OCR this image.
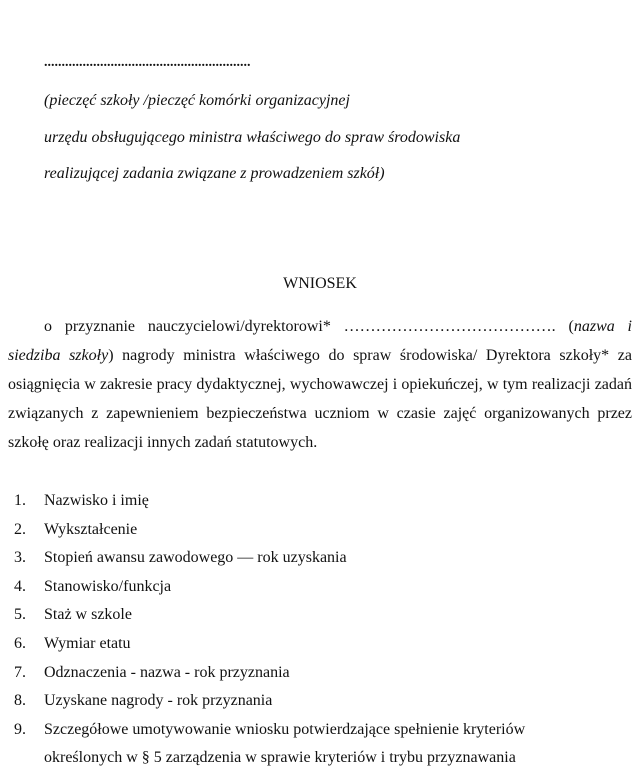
...........................................................
(pieczęć szkoły /pieczęć komórki organizacyjnej
urzędu obsługującego ministra właściwego do spraw środowiska
realizującej zadania związane z prowadzeniem szkół)
WNIOSEK

o przyznanie nauczycielowi/dyrektorowi* …………………………………. (nazwa i siedziba szkoły) nagrody ministra właściwego do spraw środowiska/ Dyrektora szkoły* za osiągnięcia w zakresie pracy dydaktycznej, wychowawczej i opiekuńczej, w tym realizacji zadań związanych z zapewnieniem bezpieczeństwa uczniom w czasie zajęć organizowanych przez szkołę oraz realizacji innych zadań statutowych.

1. Nazwisko i imię
2. Wykształcenie
3. Stopień awansu zawodowego — rok uzyskania
4. Stanowisko/funkcja
5. Staż w szkole
6. Wymiar etatu
7. Odznaczenia - nazwa - rok przyznania
8. Uzyskane nagrody - rok przyznania
9. Szczegółowe umotywowanie wniosku potwierdzające spełnienie kryteriów określonych w § 5 zarządzenia w sprawie kryteriów i trybu przyznawania
